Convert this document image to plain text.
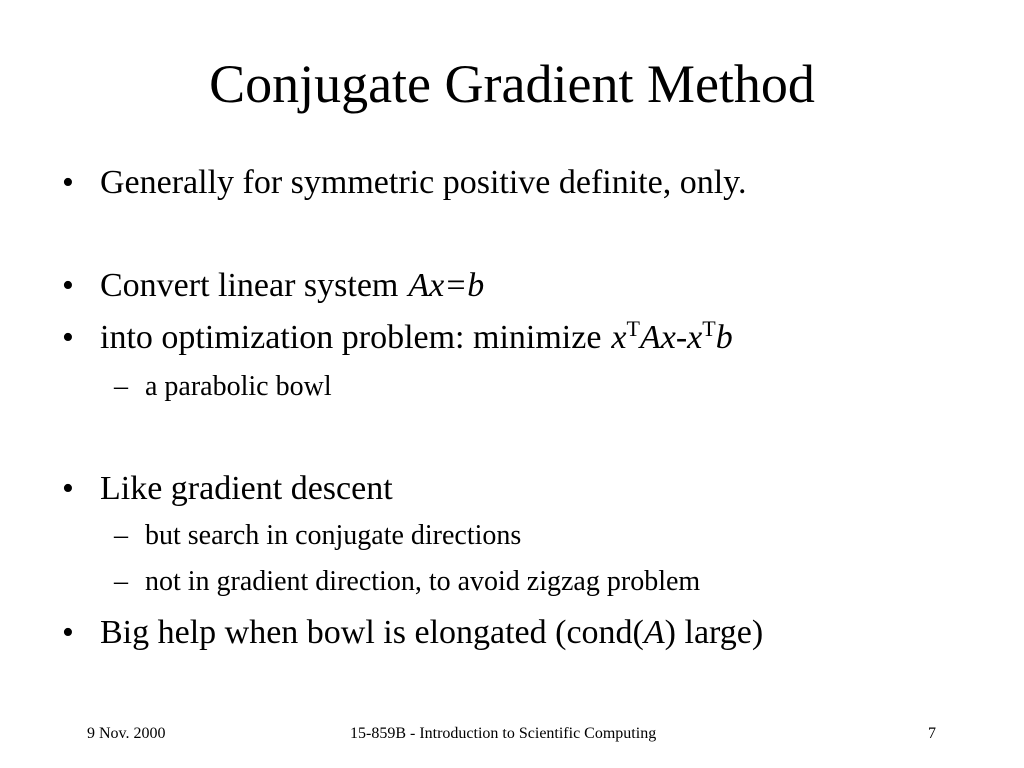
Conjugate Gradient Method
• Generally for symmetric positive definite, only.
• Convert linear system Ax=b
• into optimization problem: minimize $x^TAx-x^Tb$
– a parabolic bowl
• Like gradient descent
– but search in conjugate directions
– not in gradient direction, to avoid zigzag problem
• Big help when bowl is elongated (cond(A) large)
9 Nov. 2000	15-859B - Introduction to Scientific Computing	7
